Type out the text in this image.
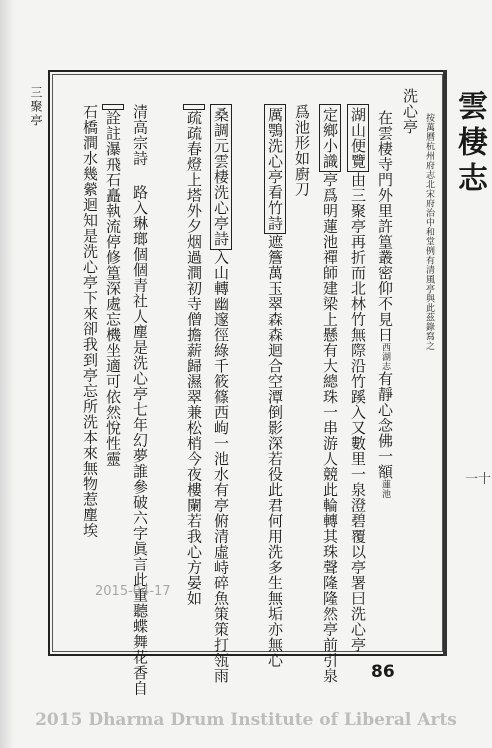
雲棲志
一十
按萬曆杭州府志北宋府治中和堂例有清風亭與此茲錄寫之
洗心亭
在雲棲寺門外里許篁叢密仰不見日西湖志有靜心念佛一額蓮池
湖山便覽由三聚亭再折而北林竹無際沿竹蹊入又數里一泉澄碧覆以亭署曰洗心亭
定鄉小識亭爲明蓮池禪師建梁上懸有大總珠一串游人競此輪轉其珠聲隆隆然亭前引泉
爲池形如廚刀
厲鶚洗心亭看竹詩遮簷萬玉翠森森迴合空潭倒影深若役此君何用洗多生無垢亦無心
桑調元雲棲洗心亭詩入山轉幽邃徑綠千筱篠西岣一池水有亭俯清虛峙碎魚策策打瓴雨
疏疏春燈上塔外夕烟過澗初寺僧擔薪歸濕翠兼松梢今夜樓闌若我心方晏如
清高宗詩 路入琳瑯個個青社人塵是洗心亭七年幻夢誰參破六字眞言此重聽蝶舞花香自
詮註瀑飛石矗執流停修篁深處忘機坐適可依然悅性靈
石橋澗水幾縈迴知是洗心亭下來卻我到亭忘所洗本來無物惹塵埃
三聚亭
2015-04-17
86
2015 Dharma Drum Institute of Liberal Arts
